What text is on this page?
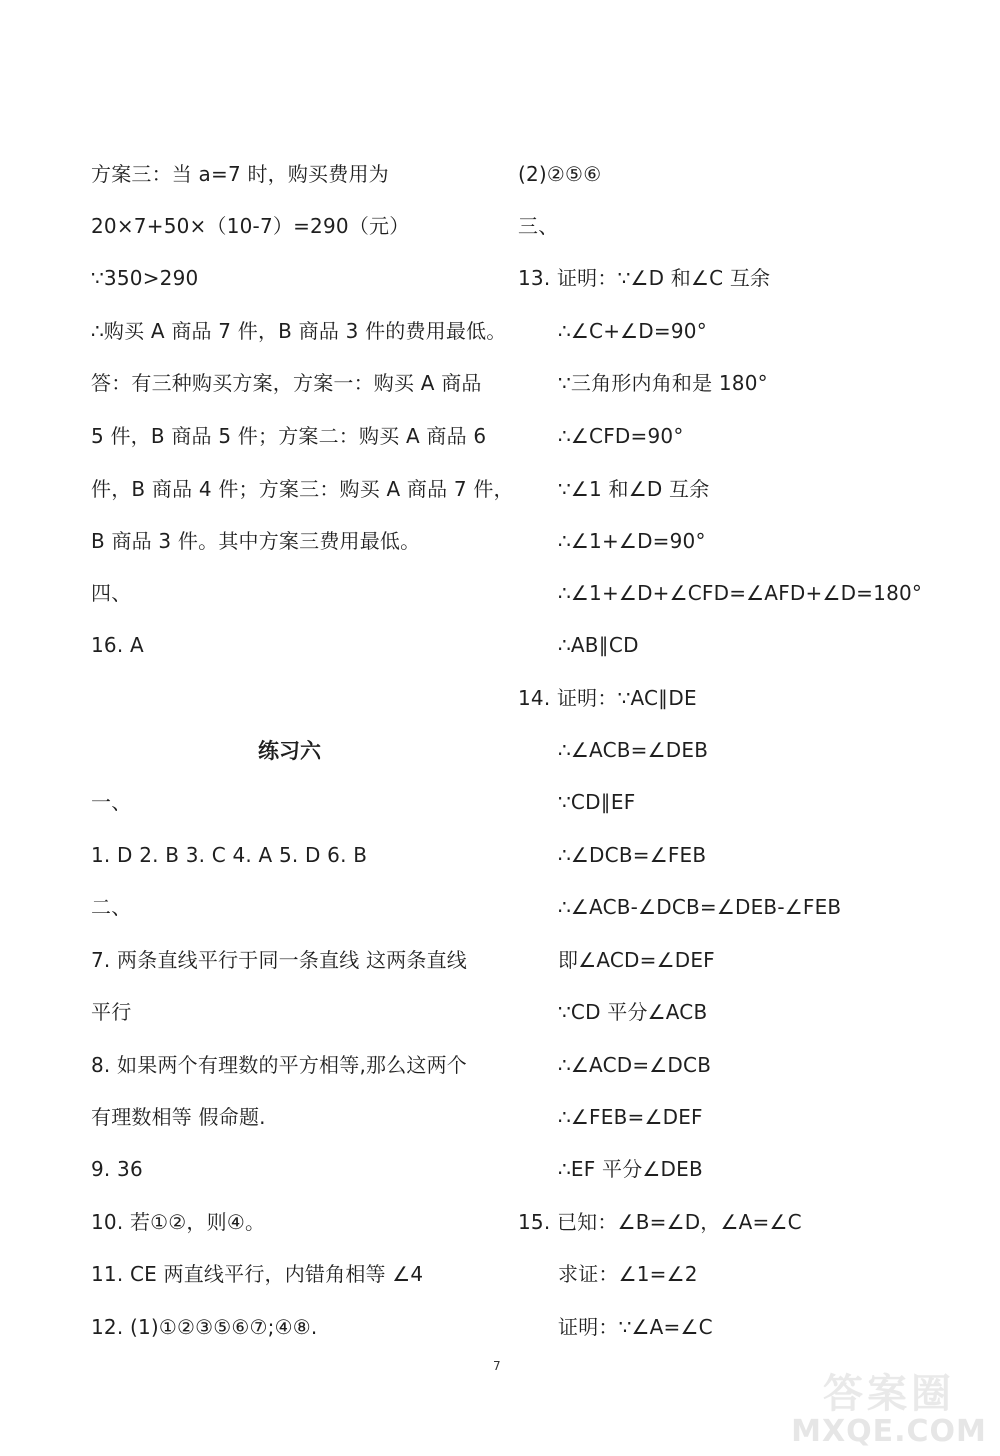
方案三：当 a=7 时，购买费用为
20×7+50×（10-7）=290（元）
∵350>290
∴购买 A 商品 7 件，B 商品 3 件的费用最低。
答：有三种购买方案，方案一：购买 A 商品
5 件，B 商品 5 件；方案二：购买 A 商品 6
件，B 商品 4 件；方案三：购买 A 商品 7 件，
B 商品 3 件。其中方案三费用最低。
四、
16. A
一、
1. D 2. B 3. C 4. A 5. D 6. B
二、
7. 两条直线平行于同一条直线 这两条直线
平行
8. 如果两个有理数的平方相等,那么这两个
有理数相等 假命题.
9. 36
10. 若①②，则④。
11. CE 两直线平行，内错角相等 ∠4
12. (1)①②③⑤⑥⑦;④⑧.
练习六
(2)②⑤⑥
三、
13. 证明：∵∠D 和∠C 互余
∴∠C+∠D=90°
∵三角形内角和是 180°
∴∠CFD=90°
∵∠1 和∠D 互余
∴∠1+∠D=90°
∴∠1+∠D+∠CFD=∠AFD+∠D=180°
∴AB∥CD
14. 证明：∵AC∥DE
∴∠ACB=∠DEB
∵CD∥EF
∴∠DCB=∠FEB
∴∠ACB-∠DCB=∠DEB-∠FEB
即∠ACD=∠DEF
∵CD 平分∠ACB
∴∠ACD=∠DCB
∴∠FEB=∠DEF
∴EF 平分∠DEB
15. 已知：∠B=∠D，∠A=∠C
求证：∠1=∠2
证明：∵∠A=∠C
7
答案圈
MXQE.COM
